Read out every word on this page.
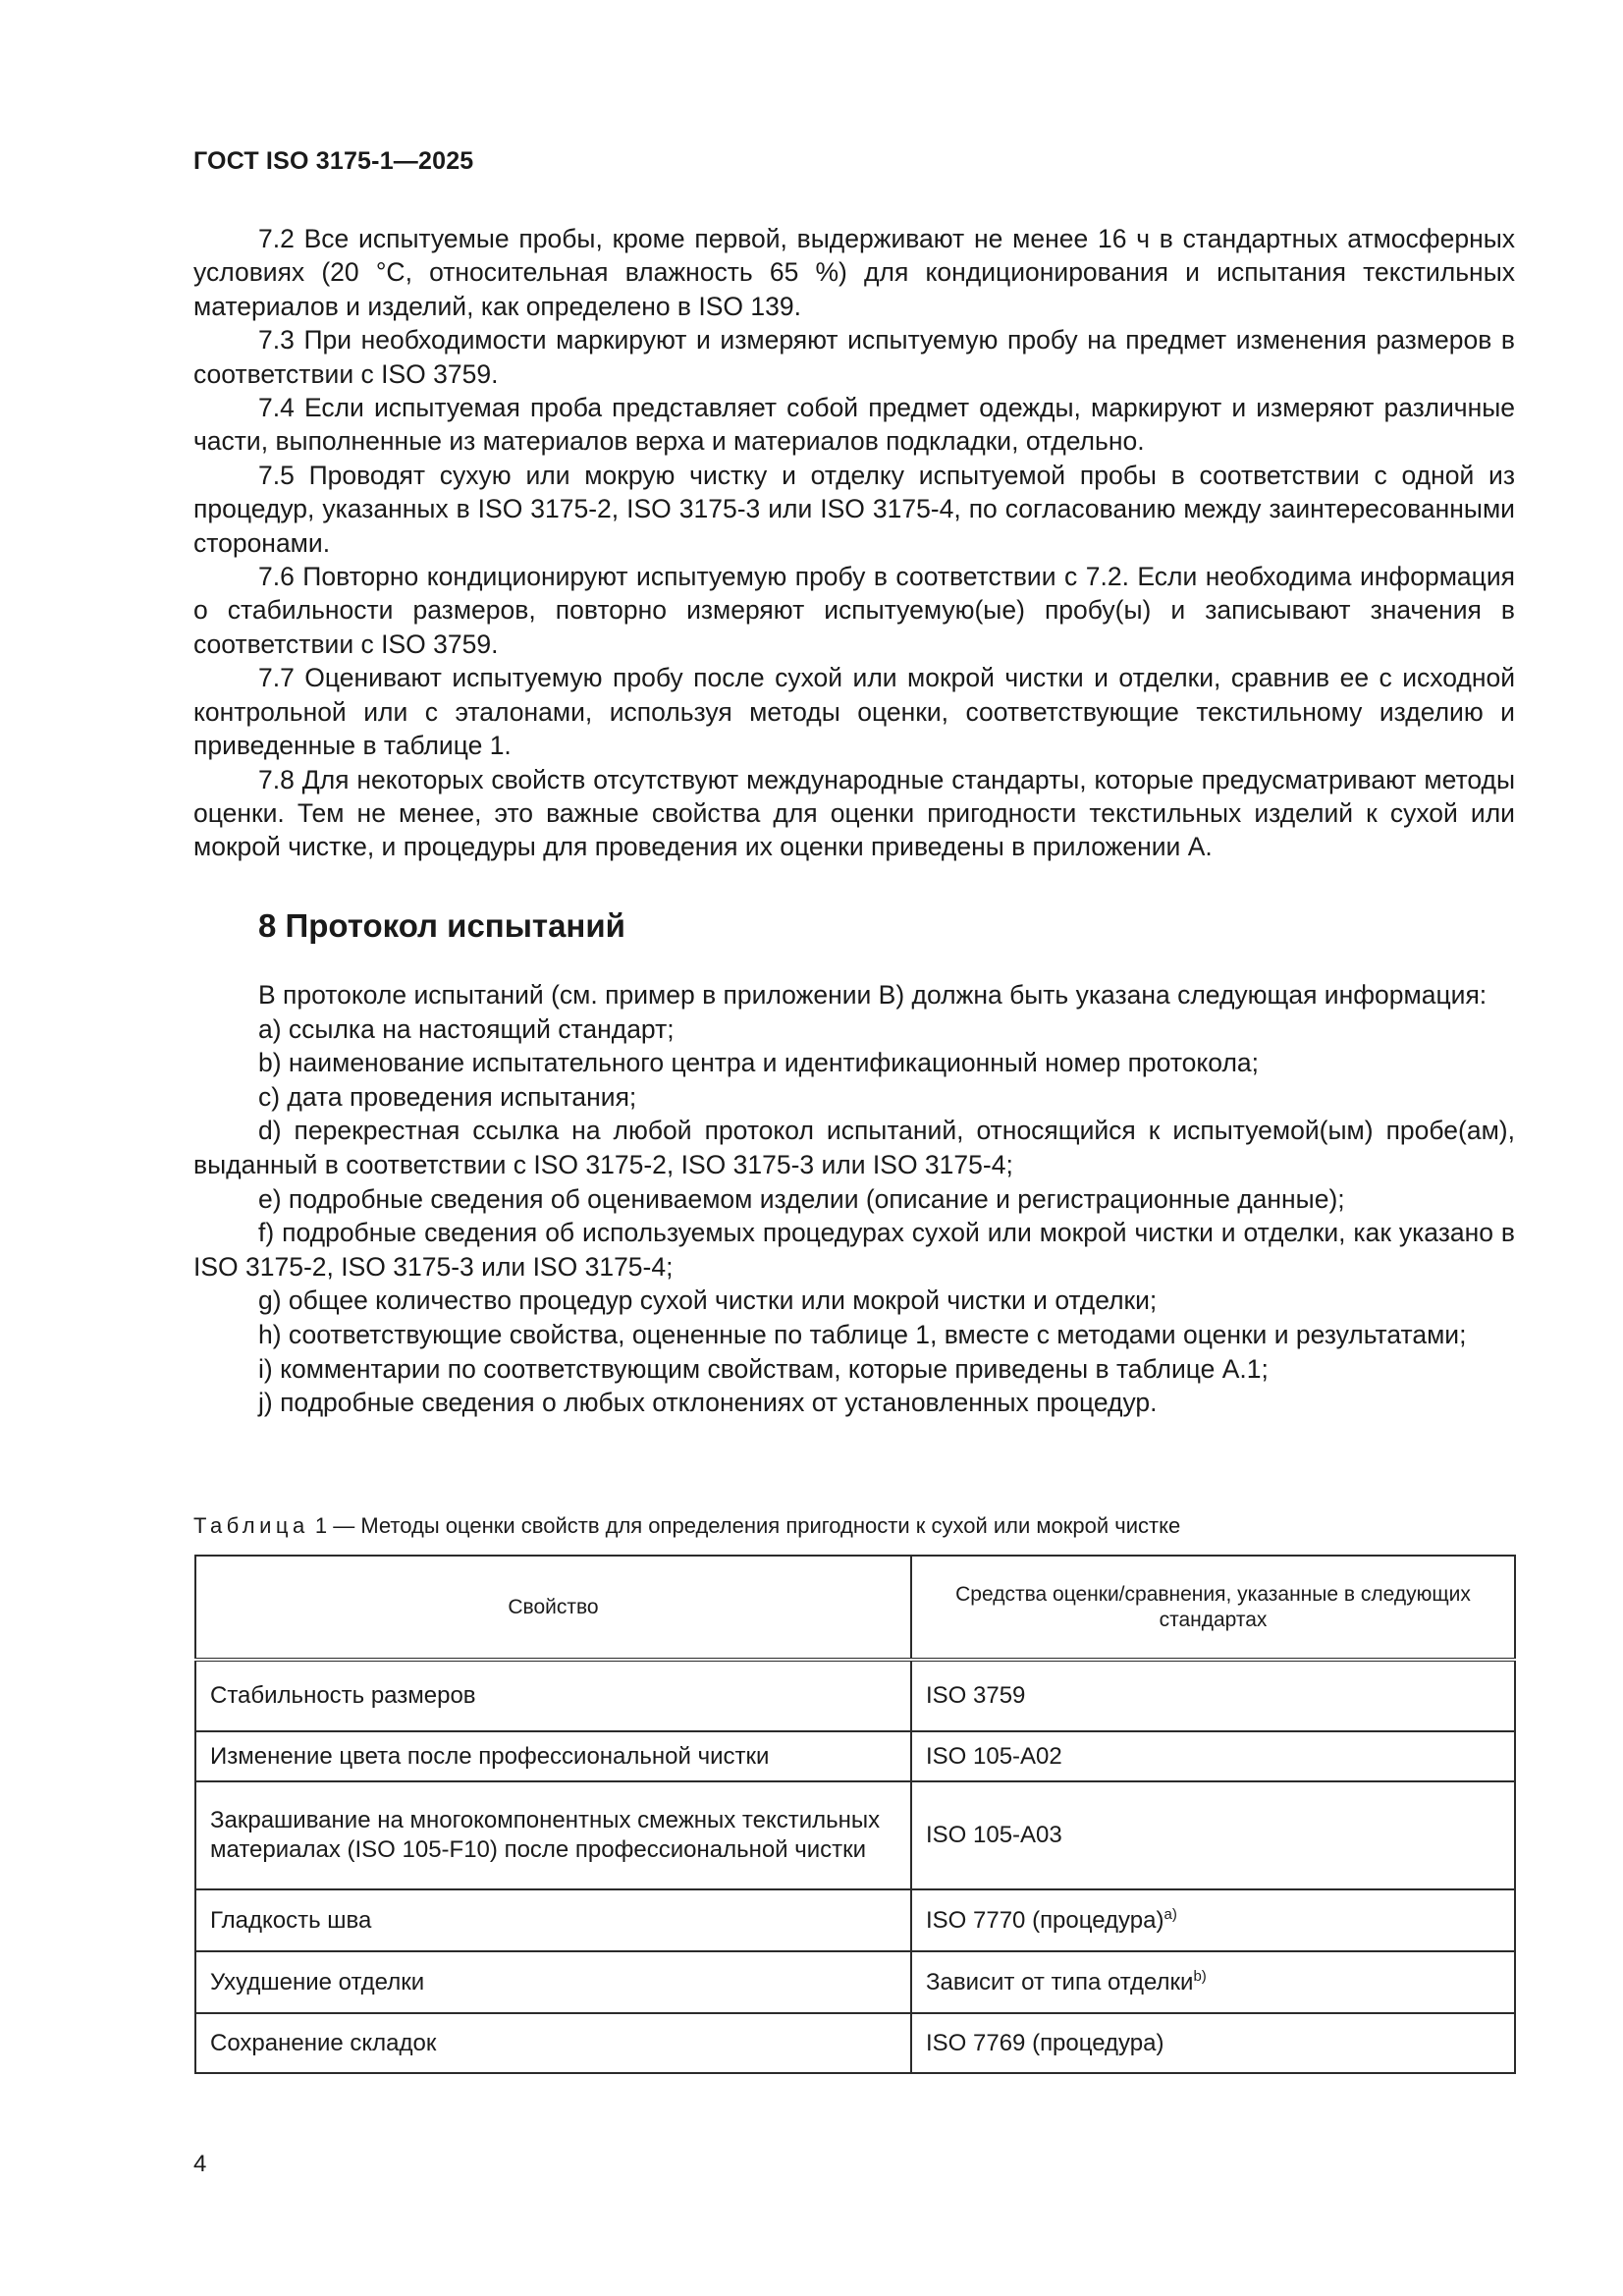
ГОСТ ISO 3175-1—2025

7.2 Все испытуемые пробы, кроме первой, выдерживают не менее 16 ч в стандартных атмосферных условиях (20 °C, относительная влажность 65 %) для кондиционирования и испытания текстильных материалов и изделий, как определено в ISO 139.

7.3 При необходимости маркируют и измеряют испытуемую пробу на предмет изменения размеров в соответствии с ISO 3759.

7.4 Если испытуемая проба представляет собой предмет одежды, маркируют и измеряют различные части, выполненные из материалов верха и материалов подкладки, отдельно.

7.5 Проводят сухую или мокрую чистку и отделку испытуемой пробы в соответствии с одной из процедур, указанных в ISO 3175-2, ISO 3175-3 или ISO 3175-4, по согласованию между заинтересованными сторонами.

7.6 Повторно кондиционируют испытуемую пробу в соответствии с 7.2. Если необходима информация о стабильности размеров, повторно измеряют испытуемую(ые) пробу(ы) и записывают значения в соответствии с ISO 3759.

7.7 Оценивают испытуемую пробу после сухой или мокрой чистки и отделки, сравнив ее с исходной контрольной или с эталонами, используя методы оценки, соответствующие текстильному изделию и приведенные в таблице 1.

7.8 Для некоторых свойств отсутствуют международные стандарты, которые предусматривают методы оценки. Тем не менее, это важные свойства для оценки пригодности текстильных изделий к сухой или мокрой чистке, и процедуры для проведения их оценки приведены в приложении А.

8 Протокол испытаний

В протоколе испытаний (см. пример в приложении В) должна быть указана следующая информация:

a) ссылка на настоящий стандарт;

b) наименование испытательного центра и идентификационный номер протокола;

c) дата проведения испытания;

d) перекрестная ссылка на любой протокол испытаний, относящийся к испытуемой(ым) пробе(ам), выданный в соответствии с ISO 3175-2, ISO 3175-3 или ISO 3175-4;

e) подробные сведения об оцениваемом изделии (описание и регистрационные данные);

f) подробные сведения об используемых процедурах сухой или мокрой чистки и отделки, как указано в ISO 3175-2, ISO 3175-3 или ISO 3175-4;

g) общее количество процедур сухой чистки или мокрой чистки и отделки;

h) соответствующие свойства, оцененные по таблице 1, вместе с методами оценки и результатами;

i) комментарии по соответствующим свойствам, которые приведены в таблице А.1;

j) подробные сведения о любых отклонениях от установленных процедур.

Таблица 1 — Методы оценки свойств для определения пригодности к сухой или мокрой чистке
Свойство	Средства оценки/сравнения, указанные в следующих стандартах
Стабильность размеров	ISO 3759
Изменение цвета после профессиональной чистки	ISO 105-A02
Закрашивание на многокомпонентных смежных текстильных материалах (ISO 105-F10) после профессиональной чистки	ISO 105-A03
Гладкость шва	ISO 7770 (процедура)$^{a)}$
Ухудшение отделки	Зависит от типа отделки$^{b)}$
Сохранение складок	ISO 7769 (процедура)
4
